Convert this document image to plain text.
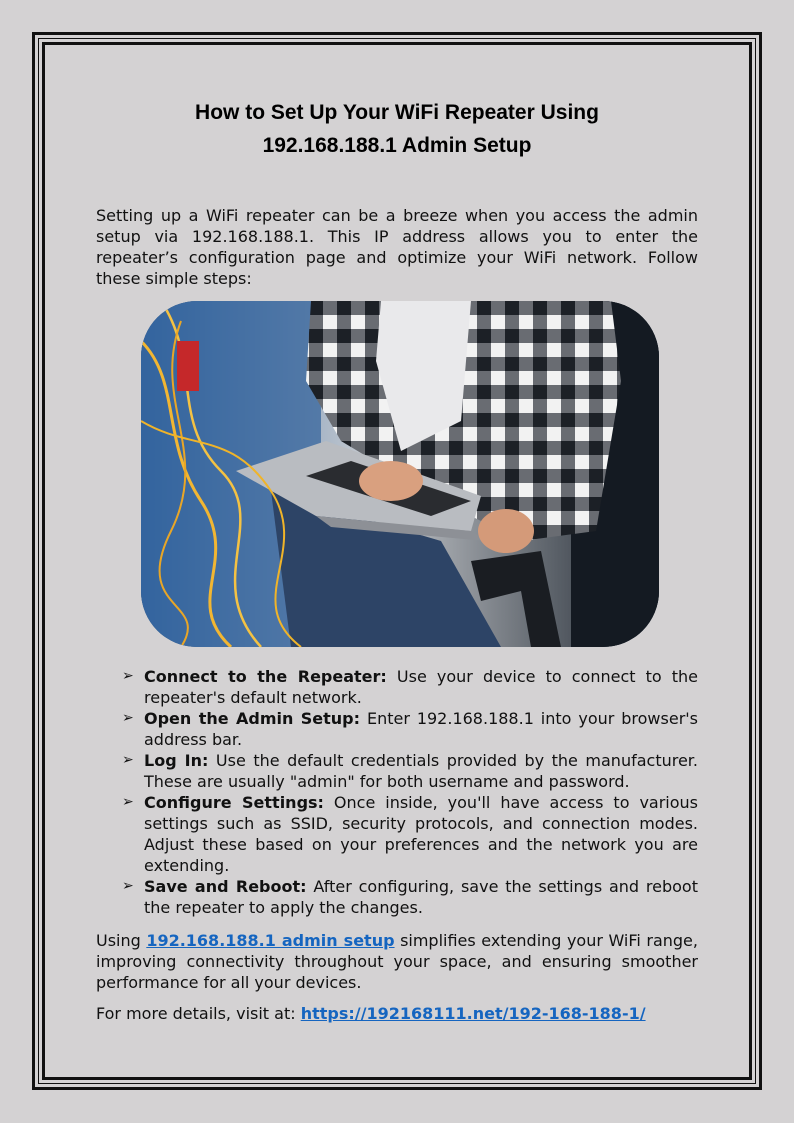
How to Set Up Your WiFi Repeater Using
192.168.188.1 Admin Setup

Setting up a WiFi repeater can be a breeze when you access the admin setup via 192.168.188.1. This IP address allows you to enter the repeater’s configuration page and optimize your WiFi network. Follow these simple steps:

➢ Connect to the Repeater: Use your device to connect to the repeater's default network.
➢ Open the Admin Setup: Enter 192.168.188.1 into your browser's address bar.
➢ Log In: Use the default credentials provided by the manufacturer. These are usually "admin" for both username and password.
➢ Configure Settings: Once inside, you'll have access to various settings such as SSID, security protocols, and connection modes. Adjust these based on your preferences and the network you are extending.
➢ Save and Reboot: After configuring, save the settings and reboot the repeater to apply the changes.

Using 192.168.188.1 admin setup simplifies extending your WiFi range, improving connectivity throughout your space, and ensuring smoother performance for all your devices.

For more details, visit at: https://192168111.net/192-168-188-1/
